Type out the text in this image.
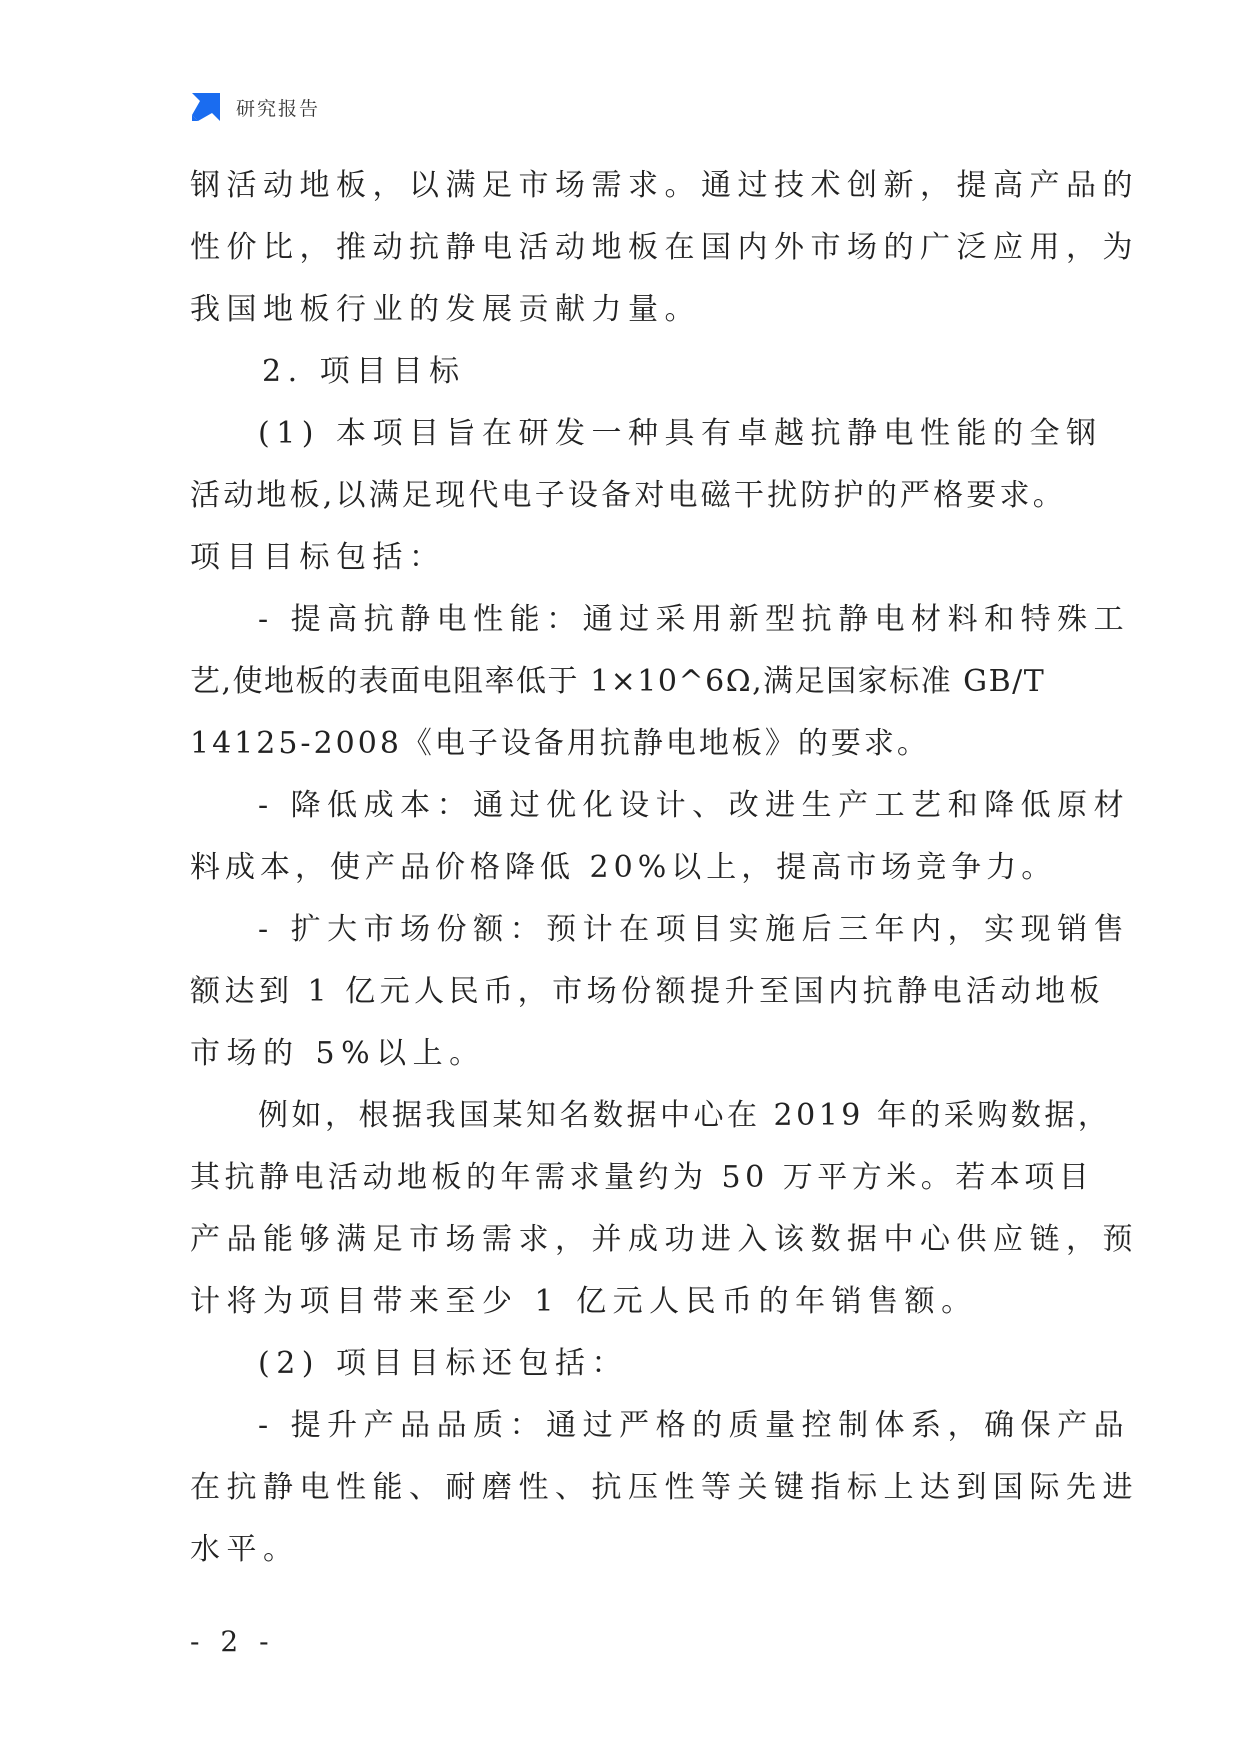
研究报告
钢活动地板，以满足市场需求。通过技术创新，提高产品的
性价比，推动抗静电活动地板在国内外市场的广泛应用，为
我国地板行业的发展贡献力量。
2. 项目目标
(1) 本项目旨在研发一种具有卓越抗静电性能的全钢
活动地板,以满足现代电子设备对电磁干扰防护的严格要求。
项目目标包括：
- 提高抗静电性能：通过采用新型抗静电材料和特殊工
艺,使地板的表面电阻率低于 1×10^6Ω,满足国家标准 GB/T
14125-2008《电子设备用抗静电地板》的要求。
- 降低成本：通过优化设计、改进生产工艺和降低原材
料成本，使产品价格降低 20%以上，提高市场竞争力。
- 扩大市场份额：预计在项目实施后三年内，实现销售
额达到 1 亿元人民币，市场份额提升至国内抗静电活动地板
市场的 5%以上。
例如，根据我国某知名数据中心在 2019 年的采购数据，
其抗静电活动地板的年需求量约为 50 万平方米。若本项目
产品能够满足市场需求，并成功进入该数据中心供应链，预
计将为项目带来至少 1 亿元人民币的年销售额。
(2) 项目目标还包括：
- 提升产品品质：通过严格的质量控制体系，确保产品
在抗静电性能、耐磨性、抗压性等关键指标上达到国际先进
水平。
- 2 -
